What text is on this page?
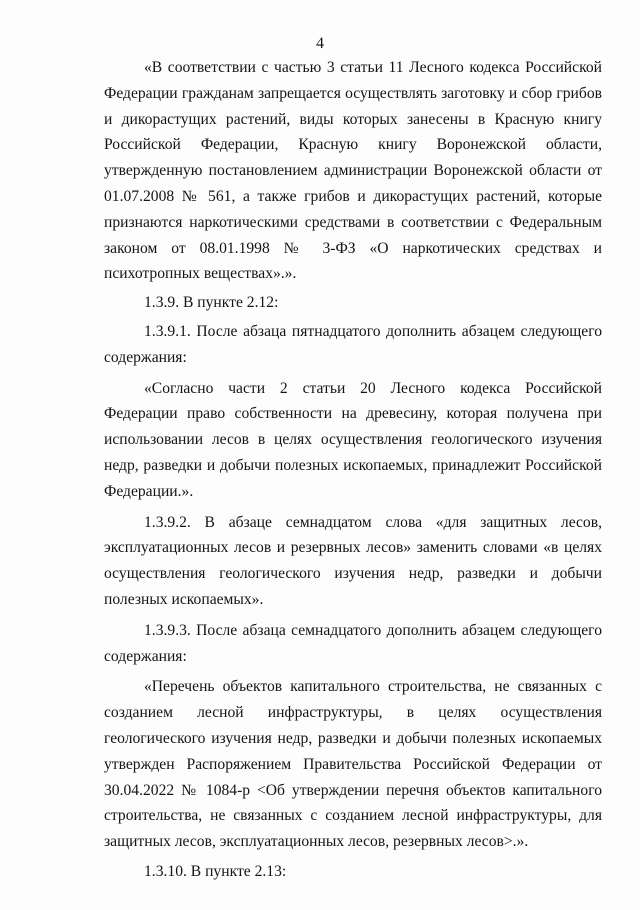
4

«В соответствии с частью 3 статьи 11 Лесного кодекса Российской Федерации гражданам запрещается осуществлять заготовку и сбор грибов и дикорастущих растений, виды которых занесены в Красную книгу Российской Федерации, Красную книгу Воронежской области, утвержденную постановлением администрации Воронежской области от 01.07.2008 № 561, а также грибов и дикорастущих растений, которые признаются наркотическими средствами в соответствии с Федеральным законом от 08.01.1998 № 3-ФЗ «О наркотических средствах и психотропных веществах».».

1.3.9. В пункте 2.12:

1.3.9.1. После абзаца пятнадцатого дополнить абзацем следующего содержания:

«Согласно части 2 статьи 20 Лесного кодекса Российской Федерации право собственности на древесину, которая получена при использовании лесов в целях осуществления геологического изучения недр, разведки и добычи полезных ископаемых, принадлежит Российской Федерации.».

1.3.9.2. В абзаце семнадцатом слова «для защитных лесов, эксплуатационных лесов и резервных лесов» заменить словами «в целях осуществления геологического изучения недр, разведки и добычи полезных ископаемых».

1.3.9.3. После абзаца семнадцатого дополнить абзацем следующего содержания:

«Перечень объектов капитального строительства, не связанных с созданием лесной инфраструктуры, в целях осуществления геологического изучения недр, разведки и добычи полезных ископаемых утвержден Распоряжением Правительства Российской Федерации от 30.04.2022 № 1084-р <Об утверждении перечня объектов капитального строительства, не связанных с созданием лесной инфраструктуры, для защитных лесов, эксплуатационных лесов, резервных лесов>.».

1.3.10. В пункте 2.13:
